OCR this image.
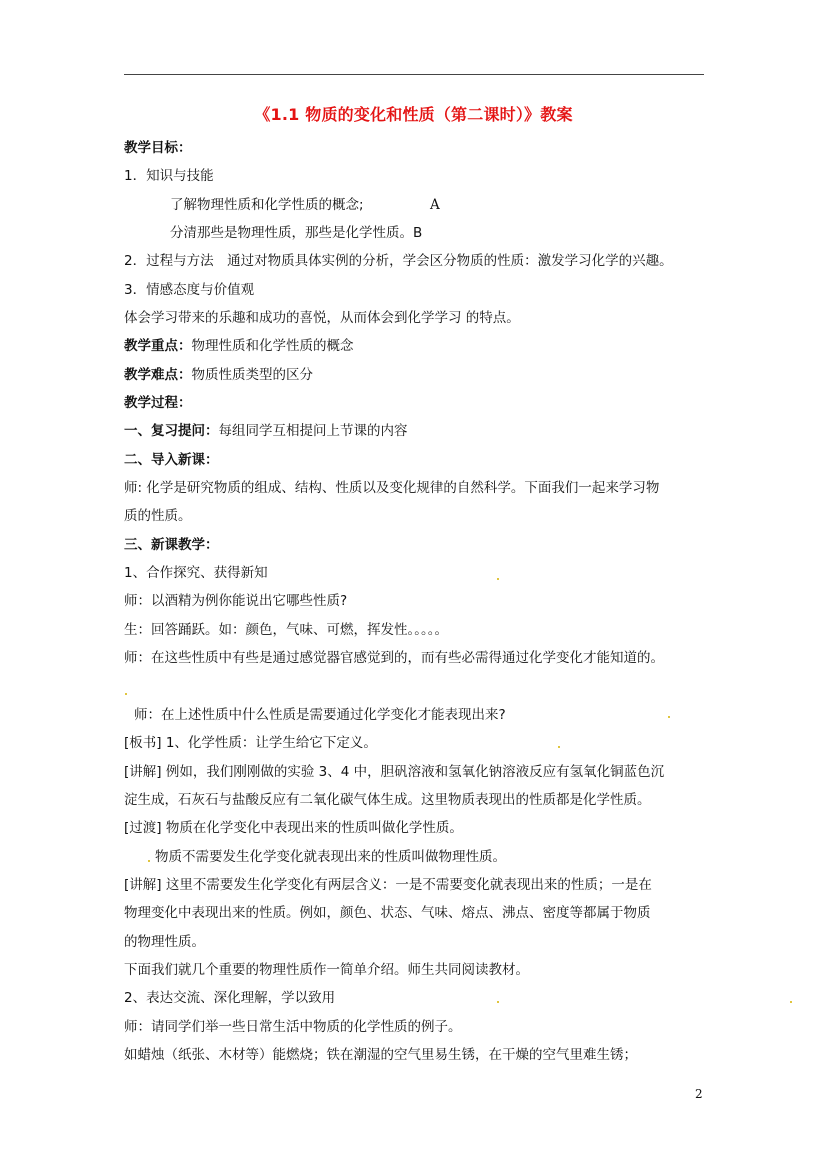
《1.1 物质的变化和性质（第二课时）》教案
教学目标：
1．知识与技能
了解物理性质和化学性质的概念;	A
分清那些是物理性质，那些是化学性质。B
2．过程与方法　通过对物质具体实例的分析，学会区分物质的性质：激发学习化学的兴趣。
3．情感态度与价值观
体会学习带来的乐趣和成功的喜悦，从而体会到化学学习 的特点。
教学重点：物理性质和化学性质的概念
教学难点：物质性质类型的区分
教学过程：
一、复习提问：每组同学互相提问上节课的内容
二、导入新课：
师: 化学是研究物质的组成、结构、性质以及变化规律的自然科学。下面我们一起来学习物
质的性质。
三、新课教学：
1、合作探究、获得新知
师：以酒精为例你能说出它哪些性质?
生：回答踊跃。如：颜色，气味、可燃，挥发性。。。。。
师：在这些性质中有些是通过感觉器官感觉到的，而有些必需得通过化学变化才能知道的。
师：在上述性质中什么性质是需要通过化学变化才能表现出来?
[板书] 1、化学性质：让学生给它下定义。
[讲解] 例如，我们刚刚做的实验 3、4 中，胆矾溶液和氢氧化钠溶液反应有氢氧化铜蓝色沉
淀生成，石灰石与盐酸反应有二氧化碳气体生成。这里物质表现出的性质都是化学性质。
[过渡] 物质在化学变化中表现出来的性质叫做化学性质。
物质不需要发生化学变化就表现出来的性质叫做物理性质。
[讲解] 这里不需要发生化学变化有两层含义：一是不需要变化就表现出来的性质；一是在
物理变化中表现出来的性质。例如，颜色、状态、气味、熔点、沸点、密度等都属于物质
的物理性质。
下面我们就几个重要的物理性质作一简单介绍。师生共同阅读教材。
2、表达交流、深化理解，学以致用
师：请同学们举一些日常生活中物质的化学性质的例子。
如蜡烛（纸张、木材等）能燃烧；铁在潮湿的空气里易生锈，在干燥的空气里难生锈；
2
